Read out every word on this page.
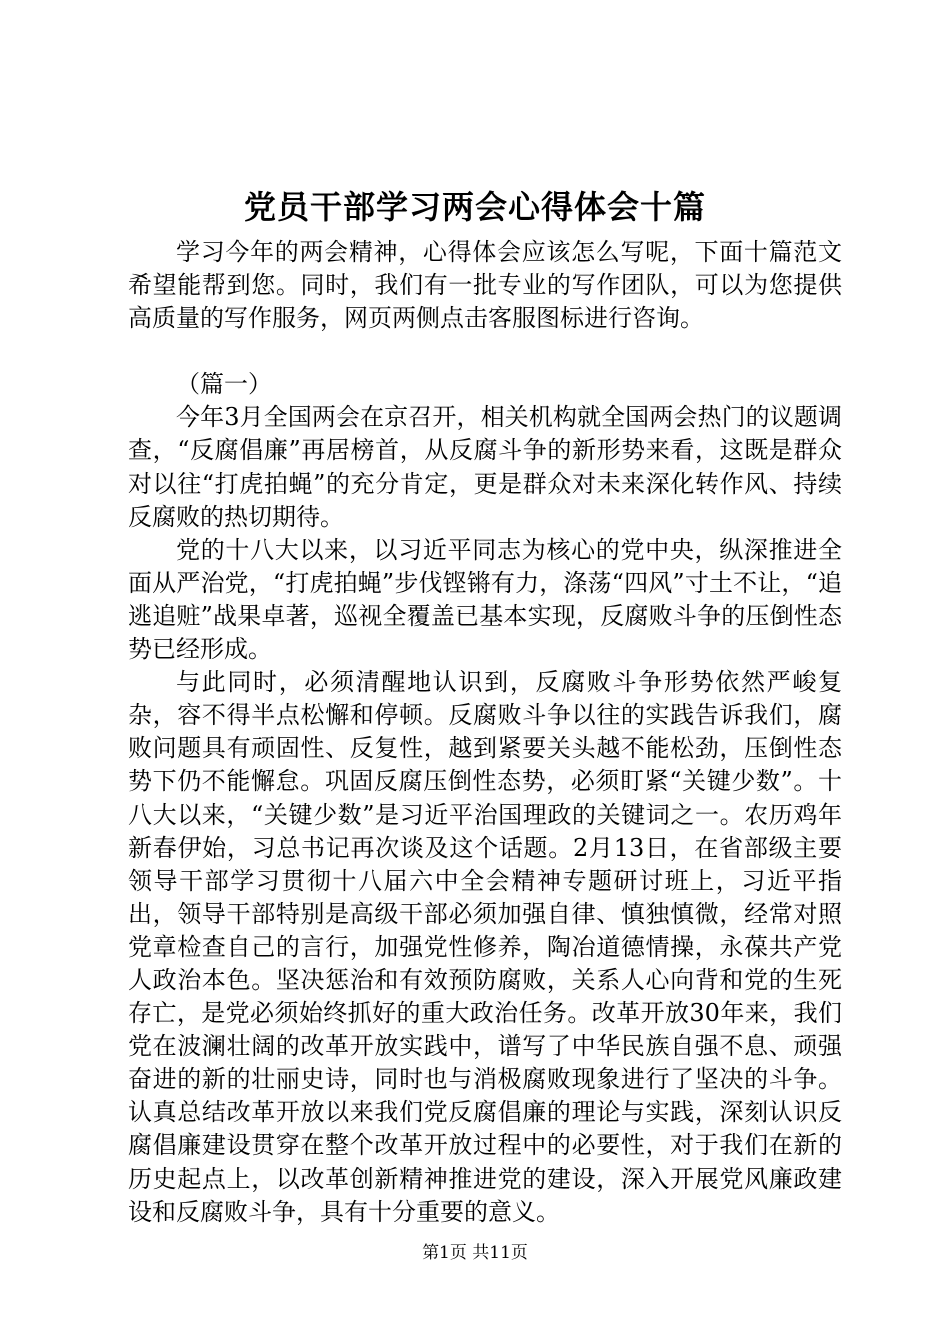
党员干部学习两会心得体会十篇

学习今年的两会精神，心得体会应该怎么写呢，下面十篇范文希望能帮到您。同时，我们有一批专业的写作团队，可以为您提供高质量的写作服务，网页两侧点击客服图标进行咨询。

（篇一）

今年3月全国两会在京召开，相关机构就全国两会热门的议题调查，“反腐倡廉”再居榜首，从反腐斗争的新形势来看，这既是群众对以往“打虎拍蝇”的充分肯定，更是群众对未来深化转作风、持续反腐败的热切期待。

党的十八大以来，以习近平同志为核心的党中央，纵深推进全面从严治党，“打虎拍蝇”步伐铿锵有力，涤荡“四风”寸土不让，“追逃追赃”战果卓著，巡视全覆盖已基本实现，反腐败斗争的压倒性态势已经形成。

与此同时，必须清醒地认识到，反腐败斗争形势依然严峻复杂，容不得半点松懈和停顿。反腐败斗争以往的实践告诉我们，腐败问题具有顽固性、反复性，越到紧要关头越不能松劲，压倒性态势下仍不能懈怠。巩固反腐压倒性态势，必须盯紧“关键少数”。十八大以来，“关键少数”是习近平治国理政的关键词之一。农历鸡年新春伊始，习总书记再次谈及这个话题。2月13日，在省部级主要领导干部学习贯彻十八届六中全会精神专题研讨班上，习近平指出，领导干部特别是高级干部必须加强自律、慎独慎微，经常对照党章检查自己的言行，加强党性修养，陶冶道德情操，永葆共产党人政治本色。坚决惩治和有效预防腐败，关系人心向背和党的生死存亡，是党必须始终抓好的重大政治任务。改革开放30年来，我们党在波澜壮阔的改革开放实践中，谱写了中华民族自强不息、顽强奋进的新的壮丽史诗，同时也与消极腐败现象进行了坚决的斗争。认真总结改革开放以来我们党反腐倡廉的理论与实践，深刻认识反腐倡廉建设贯穿在整个改革开放过程中的必要性，对于我们在新的历史起点上，以改革创新精神推进党的建设，深入开展党风廉政建设和反腐败斗争，具有十分重要的意义。

第1页 共11页
